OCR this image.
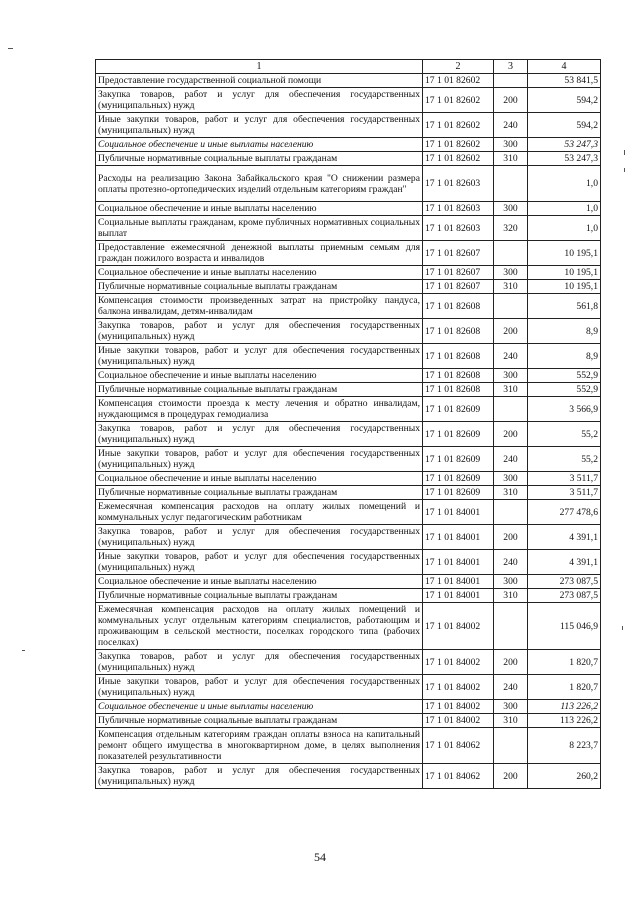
1	2	3	4
Предоставление государственной социальной помощи	17 1 01 82602		53 841,5
Закупка товаров, работ и услуг для обеспечения государственных (муниципальных) нужд	17 1 01 82602	200	594,2
Иные закупки товаров, работ и услуг для обеспечения государственных (муниципальных) нужд	17 1 01 82602	240	594,2
Социальное обеспечение и иные выплаты населению	17 1 01 82602	300	53 247,3
Публичные нормативные социальные выплаты гражданам	17 1 01 82602	310	53 247,3
Расходы на реализацию Закона Забайкальского края "О снижении размера оплаты протезно-ортопедических изделий отдельным категориям граждан"	17 1 01 82603		1,0
Социальное обеспечение и иные выплаты населению	17 1 01 82603	300	1,0
Социальные выплаты гражданам, кроме публичных нормативных социальных выплат	17 1 01 82603	320	1,0
Предоставление ежемесячной денежной выплаты приемным семьям для граждан пожилого возраста и инвалидов	17 1 01 82607		10 195,1
Социальное обеспечение и иные выплаты населению	17 1 01 82607	300	10 195,1
Публичные нормативные социальные выплаты гражданам	17 1 01 82607	310	10 195,1
Компенсация стоимости произведенных затрат на пристройку пандуса, балкона инвалидам, детям-инвалидам	17 1 01 82608		561,8
Закупка товаров, работ и услуг для обеспечения государственных (муниципальных) нужд	17 1 01 82608	200	8,9
Иные закупки товаров, работ и услуг для обеспечения государственных (муниципальных) нужд	17 1 01 82608	240	8,9
Социальное обеспечение и иные выплаты населению	17 1 01 82608	300	552,9
Публичные нормативные социальные выплаты гражданам	17 1 01 82608	310	552,9
Компенсация стоимости проезда к месту лечения и обратно инвалидам, нуждающимся в процедурах гемодиализа	17 1 01 82609		3 566,9
Закупка товаров, работ и услуг для обеспечения государственных (муниципальных) нужд	17 1 01 82609	200	55,2
Иные закупки товаров, работ и услуг для обеспечения государственных (муниципальных) нужд	17 1 01 82609	240	55,2
Социальное обеспечение и иные выплаты населению	17 1 01 82609	300	3 511,7
Публичные нормативные социальные выплаты гражданам	17 1 01 82609	310	3 511,7
Ежемесячная компенсация расходов на оплату жилых помещений и коммунальных услуг педагогическим работникам	17 1 01 84001		277 478,6
Закупка товаров, работ и услуг для обеспечения государственных (муниципальных) нужд	17 1 01 84001	200	4 391,1
Иные закупки товаров, работ и услуг для обеспечения государственных (муниципальных) нужд	17 1 01 84001	240	4 391,1
Социальное обеспечение и иные выплаты населению	17 1 01 84001	300	273 087,5
Публичные нормативные социальные выплаты гражданам	17 1 01 84001	310	273 087,5
Ежемесячная компенсация расходов на оплату жилых помещений и коммунальных услуг отдельным категориям специалистов, работающим и проживающим в сельской местности, поселках городского типа (рабочих поселках)	17 1 01 84002		115 046,9
Закупка товаров, работ и услуг для обеспечения государственных (муниципальных) нужд	17 1 01 84002	200	1 820,7
Иные закупки товаров, работ и услуг для обеспечения государственных (муниципальных) нужд	17 1 01 84002	240	1 820,7
Социальное обеспечение и иные выплаты населению	17 1 01 84002	300	113 226,2
Публичные нормативные социальные выплаты гражданам	17 1 01 84002	310	113 226,2
Компенсация отдельным категориям граждан оплаты взноса на капитальный ремонт общего имущества в многоквартирном доме, в целях выполнения показателей результативности	17 1 01 84062		8 223,7
Закупка товаров, работ и услуг для обеспечения государственных (муниципальных) нужд	17 1 01 84062	200	260,2
54
